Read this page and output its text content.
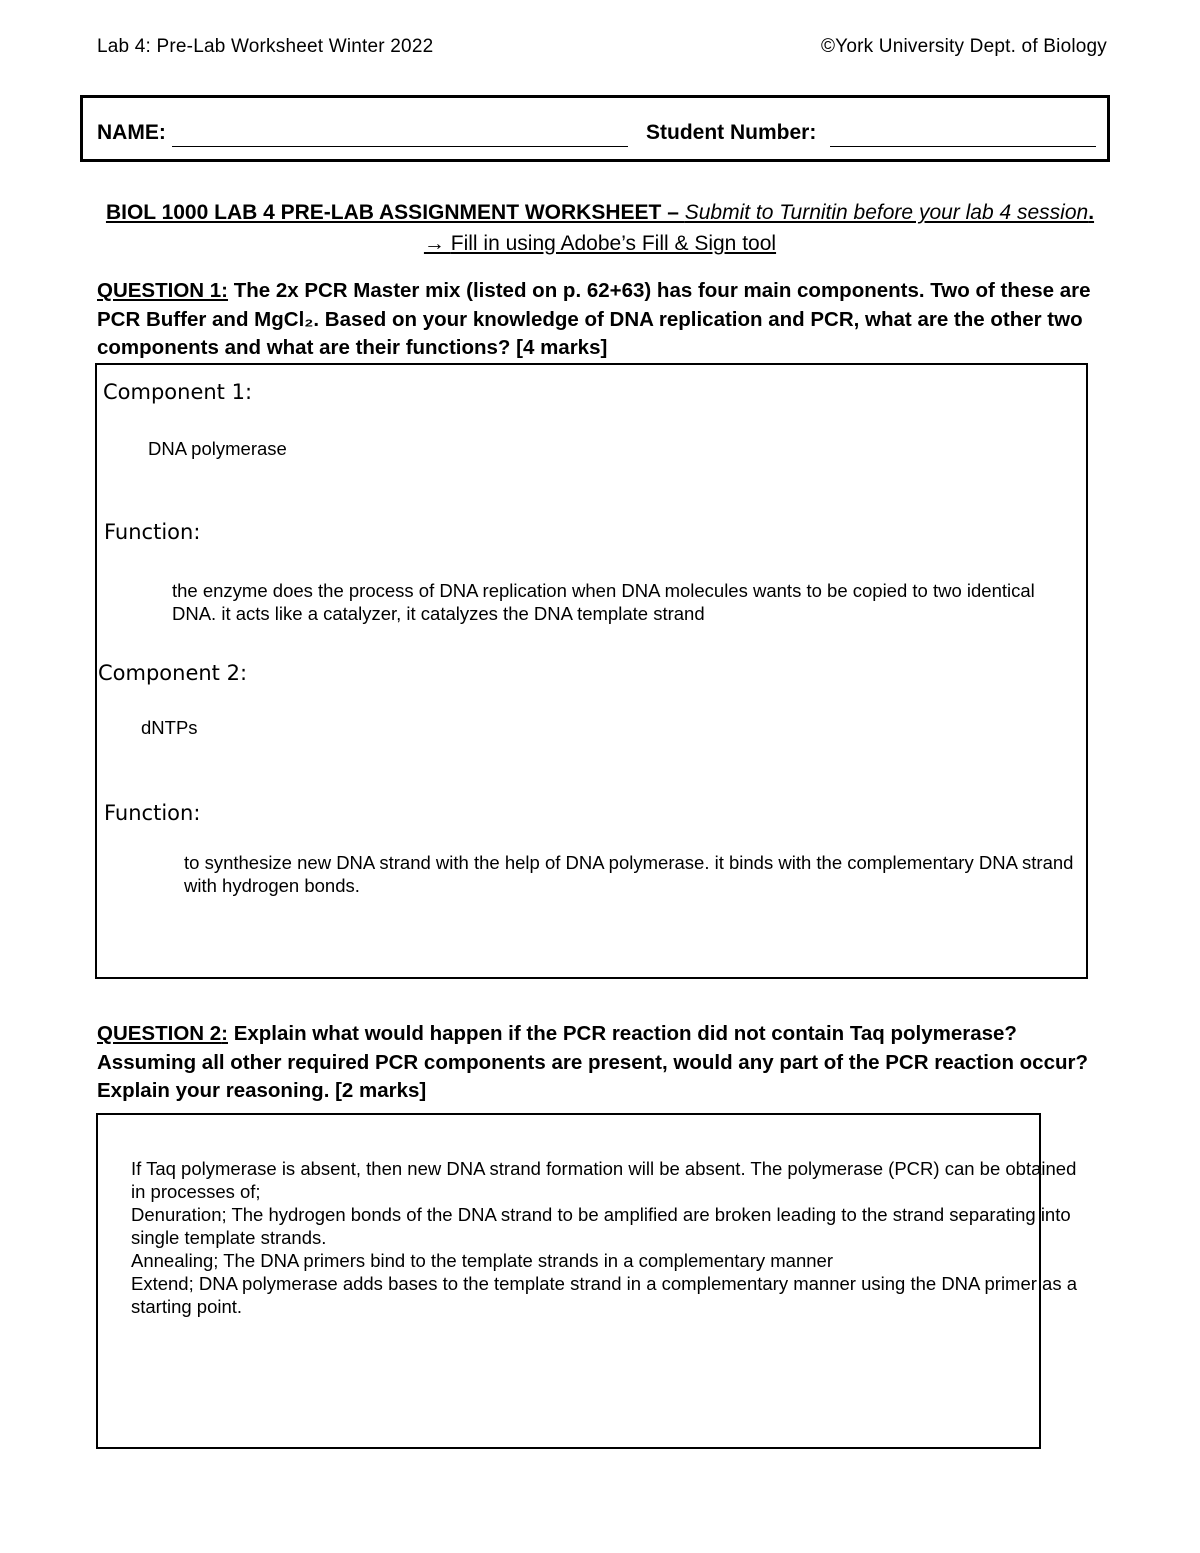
Lab 4: Pre-Lab Worksheet Winter 2022	©York University Dept. of Biology
NAME:	Student Number:
BIOL 1000 LAB 4 PRE-LAB ASSIGNMENT WORKSHEET – Submit to Turnitin before your lab 4 session. → Fill in using Adobe’s Fill & Sign tool
QUESTION 1: The 2x PCR Master mix (listed on p. 62+63) has four main components. Two of these are PCR Buffer and MgCl₂. Based on your knowledge of DNA replication and PCR, what are the other two components and what are their functions? [4 marks]
Component 1:
DNA polymerase
Function:
the enzyme does the process of DNA replication when DNA molecules wants to be copied to two identical DNA. it acts like a catalyzer, it catalyzes the DNA template strand
Component 2:
dNTPs
Function:
to synthesize new DNA strand with the help of DNA polymerase. it binds with the complementary DNA strand with hydrogen bonds.
QUESTION 2: Explain what would happen if the PCR reaction did not contain Taq polymerase? Assuming all other required PCR components are present, would any part of the PCR reaction occur? Explain your reasoning. [2 marks]
If Taq polymerase is absent, then new DNA strand formation will be absent. The polymerase (PCR) can be obtained in processes of;
Denuration; The hydrogen bonds of the DNA strand to be amplified are broken leading to the strand separating into single template strands.
Annealing; The DNA primers bind to the template strands in a complementary manner
Extend; DNA polymerase adds bases to the template strand in a complementary manner using the DNA primer as a starting point.
